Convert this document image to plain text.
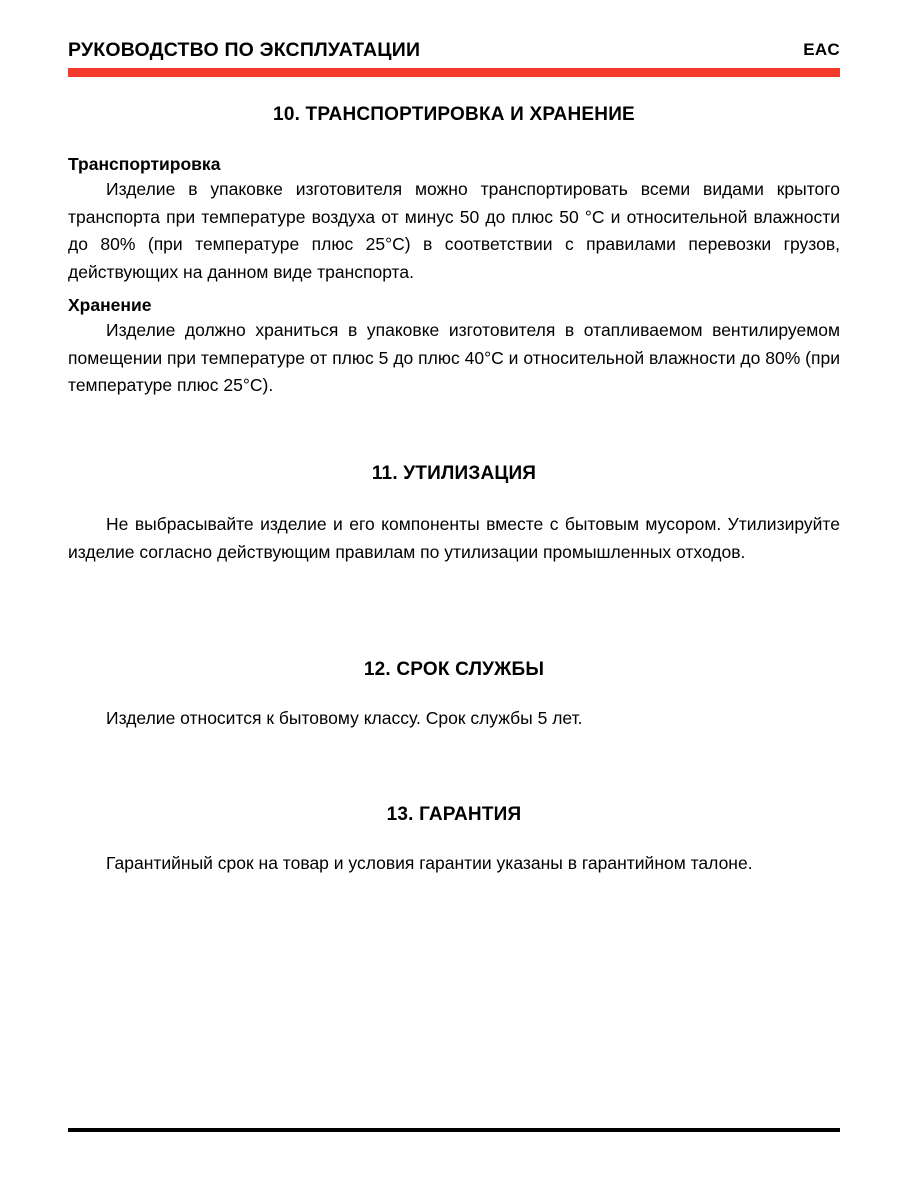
РУКОВОДСТВО ПО ЭКСПЛУАТАЦИИ	EAC
10. ТРАНСПОРТИРОВКА И ХРАНЕНИЕ
Транспортировка

Изделие в упаковке изготовителя можно транспортировать всеми видами крытого транспорта при температуре воздуха от минус 50 до плюс 50 °С и относительной влажности до 80% (при температуре плюс 25°С) в соответствии с правилами перевозки грузов, действующих на данном виде транспорта.

Хранение

Изделие должно храниться в упаковке изготовителя в отапливаемом вентилируемом помещении при температуре от плюс 5 до плюс 40°С и относительной влажности до 80% (при температуре плюс 25°С).

11. УТИЛИЗАЦИЯ

Не выбрасывайте изделие и его компоненты вместе с бытовым мусором. Утилизируйте изделие согласно действующим правилам по утилизации промышленных отходов.

12. СРОК СЛУЖБЫ

Изделие относится к бытовому классу. Срок службы 5 лет.

13. ГАРАНТИЯ

Гарантийный срок на товар и условия гарантии указаны в гарантийном талоне.
